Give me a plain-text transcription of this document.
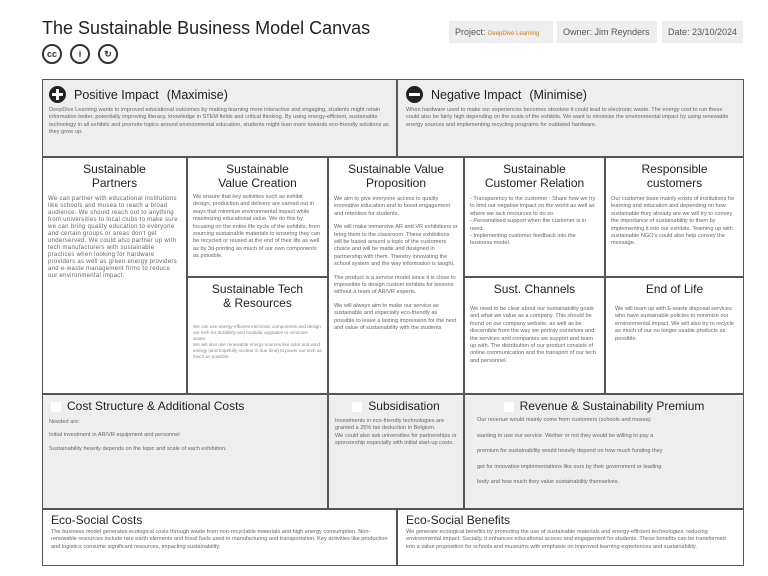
The Sustainable Business Model Canvas
cc	i	↻
Project: DeepDive Learning	Owner: Jim Reynders	Date: 23/10/2024
Positive Impact (Maximise)
DeepDive Learning wants to improved educational outcomes by making learning more interactive and engaging, students might retain information better, potentially improving literacy, knowledge in STEM fields and critical thinking. By using energy-efficient, sustainable technology in all exhibits and promote topics around environmental education, students might lean more towards eco-friendly solutions as they grow up.
Negative Impact (Minimise)
When hardware used to make our experiences becomes obsolete it could lead to electronic waste. The energy cost to run these could also be fairly high depending on the scale of the exhibits. We want to minimize the environmental impact by using renewable energy sources and implementing recycling programs for outdated hardware.
Sustainable
Partners
We can partner with educational institutions like schools and musea to reach a broad audience. We should reach out to anything from universities to local clubs to make sure we can bring quality education to everyone and certain groups or areas don't get underserved. We could also partner up with tech manufacturers with sustainable practices when looking for hardware providers as well as green energy providers and e-waste management firms to reduce our environmental impact.
Sustainable
Value Creation
We ensure that key activities such as exhibit design, production and delivery are carried out in ways that minimize environmental impact while maximizing educational value. We do this by focusing on the entire life cycle of the exhibits, from sourcing sustainable materials to ensuring they can be recycled or reused at the end of their life as well as by 3d-printing as much of our own components as possible.
Sustainable Tech
& Resources
We can use energy-efficient electronic components and design our tech for durability and modular upgrades to minimize waste.
We will also use renewable energy sources like solar and wind energy (and hopefully nuclear in due time) to power our tech as much as possible.
Sustainable Value
Proposition

We aim to give everyone access to quality innovative education and to boost engagement and retention for students.

We will make immersive AR and VR exhibitions or bring them to the classroom. These exhibitions will be based around a topic of the customers choice and will be made and designed in partnership with them. Thereby innovating the school system and the way information is taught.

The product is a service model since it is close to impossible to design custom exhibits for lessons without a team of AR/VR experts.

We will always aim to make our service as sustainable and especially eco-friendly as possible to leave a lasting impression for the next and value of sustainability with the students

Sustainable
Customer Relation
- Transparency to the customer : Share how we try to limit our negative impact on the world as well as where we lack resources to do so.
- Personalised support when the customer is in need.
- Implementing customer feedback into the business model.
Sust. Channels
We need to be clear about our sustainability goals and what we value as a company. This should be found on our company website, as well as be discernible from the way we portray ourselves and the services and companies we support and team up with. The distribution of our product consists of online communication and the transport of our tech and personnel.
Responsible
customers
Our customer base mainly exists of institutions for learning and education and depending on how sustainable they already are we will try to convey the importance of sustainability to them by implementing it into our exhibits. Teaming up with sustainable NGO's could also help convey the message.
End of Life
We will team up with E-waste disposal services who have sustainable policies to minimize our environmental impact. We will also try to recycle as much of our no longer usable products as possible.
Cost Structure & Additional Costs

Needed are:

Initial investment in AR/VR equipment and personnel

Sustainability heavily depends on the topic and scale of each exhibition.

Subsidisation
Investments in eco-friendly technologies are granted a 25% tax deduction in Belgium.
We could also ask universities for partnerships or sponsorship especially with initial start-up costs.
Revenue & Sustainability Premium
Our revenue would mainly come from customers (schools and musea)
wanting to use our service. Wether or not they would be willing to pay a
premium for sustainability would heavily depend on how much funding they
get for innovative implementations like ours by their government or leading
body and how much they value sustainability themselves.
Eco-Social Costs
The business model generates ecological costs through waste from non-recyclable materials and high energy consumption. Non-renewable resources include rare earth elements and fossil fuels used in manufacturing and transportation. Key activities like production and logistics consume significant resources, impacting sustainability.
Eco-Social Benefits
We generate ecological benefits by promoting the use of sustainable materials and energy-efficient technologies, reducing environmental impact. Socially, it enhances educational access and engagement for students. These benefits can be transformed into a value proposition for schools and museums with emphasis on improved learning experiences and sustainability.
